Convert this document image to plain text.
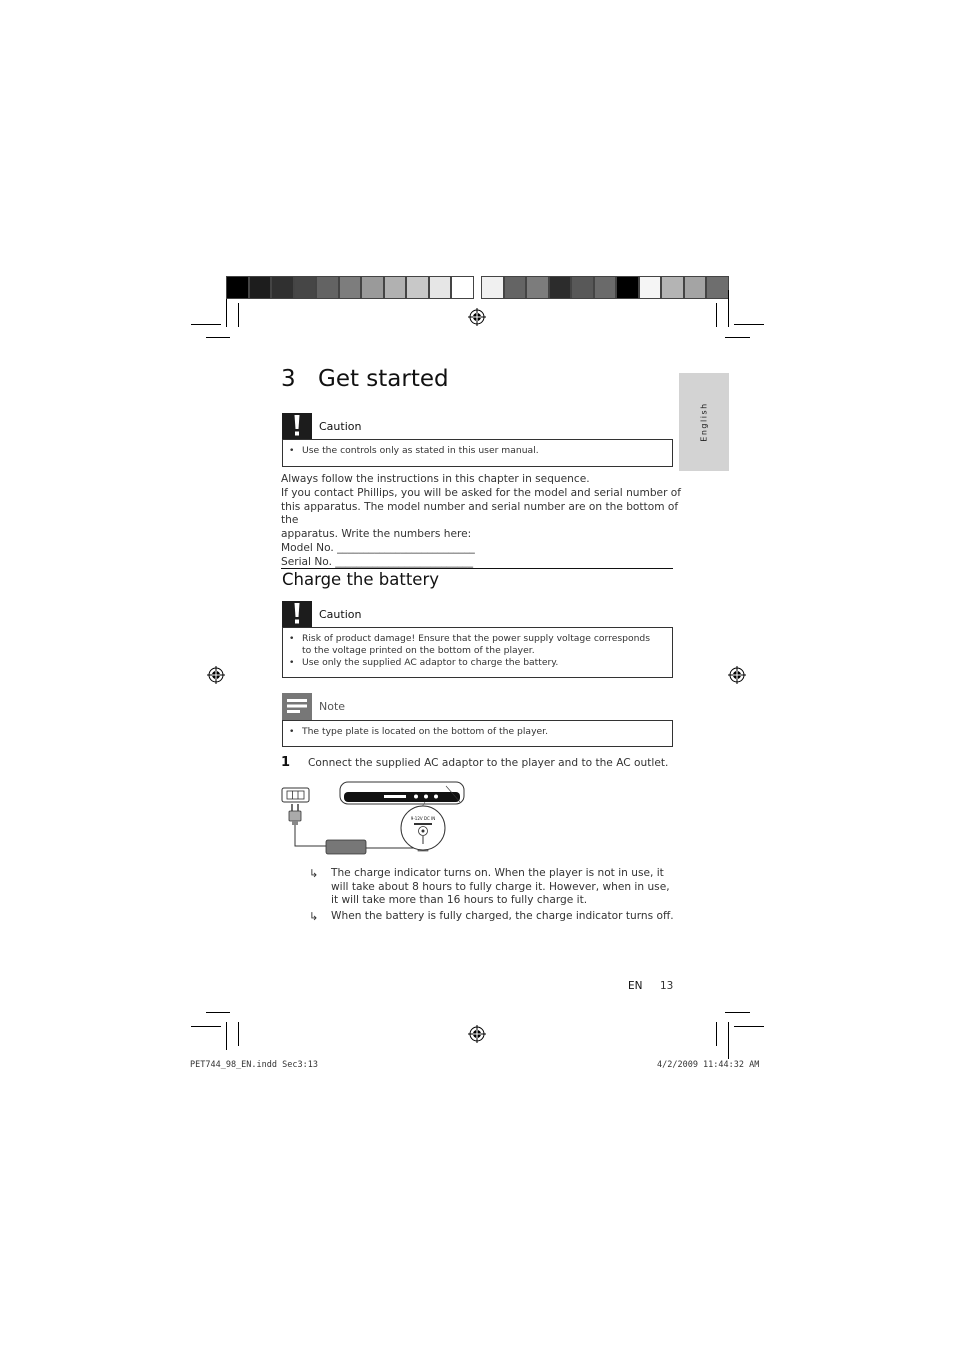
English
3 Get started
Caution
• Use the controls only as stated in this user manual.
Always follow the instructions in this chapter in sequence.
If you contact Phillips, you will be asked for the model and serial number of
this apparatus. The model number and serial number are on the bottom of the
apparatus. Write the numbers here:
Model No. __________________________
Serial No. __________________________
Charge the battery
Caution
• Risk of product damage! Ensure that the power supply voltage corresponds to the voltage printed on the bottom of the player.
• Use only the supplied AC adaptor to charge the battery.
Note
• The type plate is located on the bottom of the player.
1 Connect the supplied AC adaptor to the player and to the AC outlet.
9-12V DC IN
↳ The charge indicator turns on. When the player is not in use, it will take about 8 hours to fully charge it. However, when in use, it will take more than 16 hours to fully charge it.
↳ When the battery is fully charged, the charge indicator turns off.
EN 13
PET744_98_EN.indd Sec3:13	4/2/2009 11:44:32 AM
